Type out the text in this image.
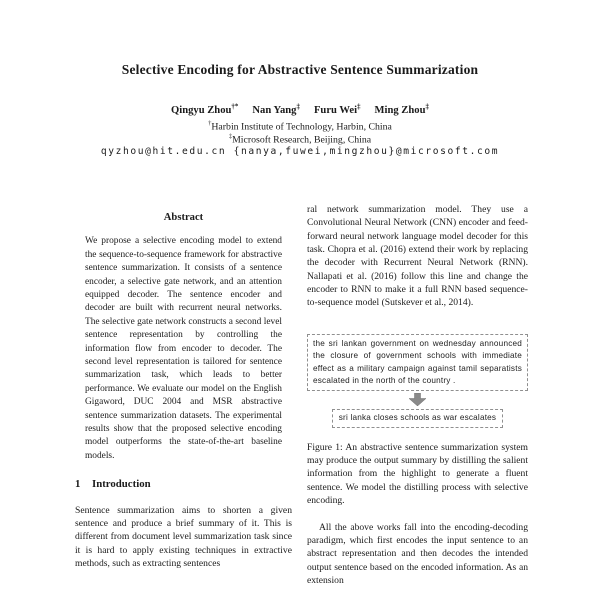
Selective Encoding for Abstractive Sentence Summarization
Qingyu Zhou†* Nan Yang‡ Furu Wei‡ Ming Zhou‡
†Harbin Institute of Technology, Harbin, China
‡Microsoft Research, Beijing, China
qyzhou@hit.edu.cn {nanya,fuwei,mingzhou}@microsoft.com
Abstract

We propose a selective encoding model to extend the sequence-to-sequence framework for abstractive sentence summarization. It consists of a sentence encoder, a selective gate network, and an attention equipped decoder. The sentence encoder and decoder are built with recurrent neural networks. The selective gate network constructs a second level sentence representation by controlling the information flow from encoder to decoder. The second level representation is tailored for sentence summarization task, which leads to better performance. We evaluate our model on the English Gigaword, DUC 2004 and MSR abstractive sentence summarization datasets. The experimental results show that the proposed selective encoding model outperforms the state-of-the-art baseline models.

1 Introduction

Sentence summarization aims to shorten a given sentence and produce a brief summary of it. This is different from document level summarization task since it is hard to apply existing techniques in extractive methods, such as extracting sentences

ral network summarization model. They use a Convolutional Neural Network (CNN) encoder and feed-forward neural network language model decoder for this task. Chopra et al. (2016) extend their work by replacing the decoder with Recurrent Neural Network (RNN). Nallapati et al. (2016) follow this line and change the encoder to RNN to make it a full RNN based sequence-to-sequence model (Sutskever et al., 2014).

the sri lankan government on wednesday announced the closure of government schools with immediate effect as a military campaign against tamil separatists escalated in the north of the country .
sri lanka closes schools as war escalates

Figure 1: An abstractive sentence summarization system may produce the output summary by distilling the salient information from the highlight to generate a fluent sentence. We model the distilling process with selective encoding.

All the above works fall into the encoding-decoding paradigm, which first encodes the input sentence to an abstract representation and then decodes the intended output sentence based on the encoded information. As an extension
